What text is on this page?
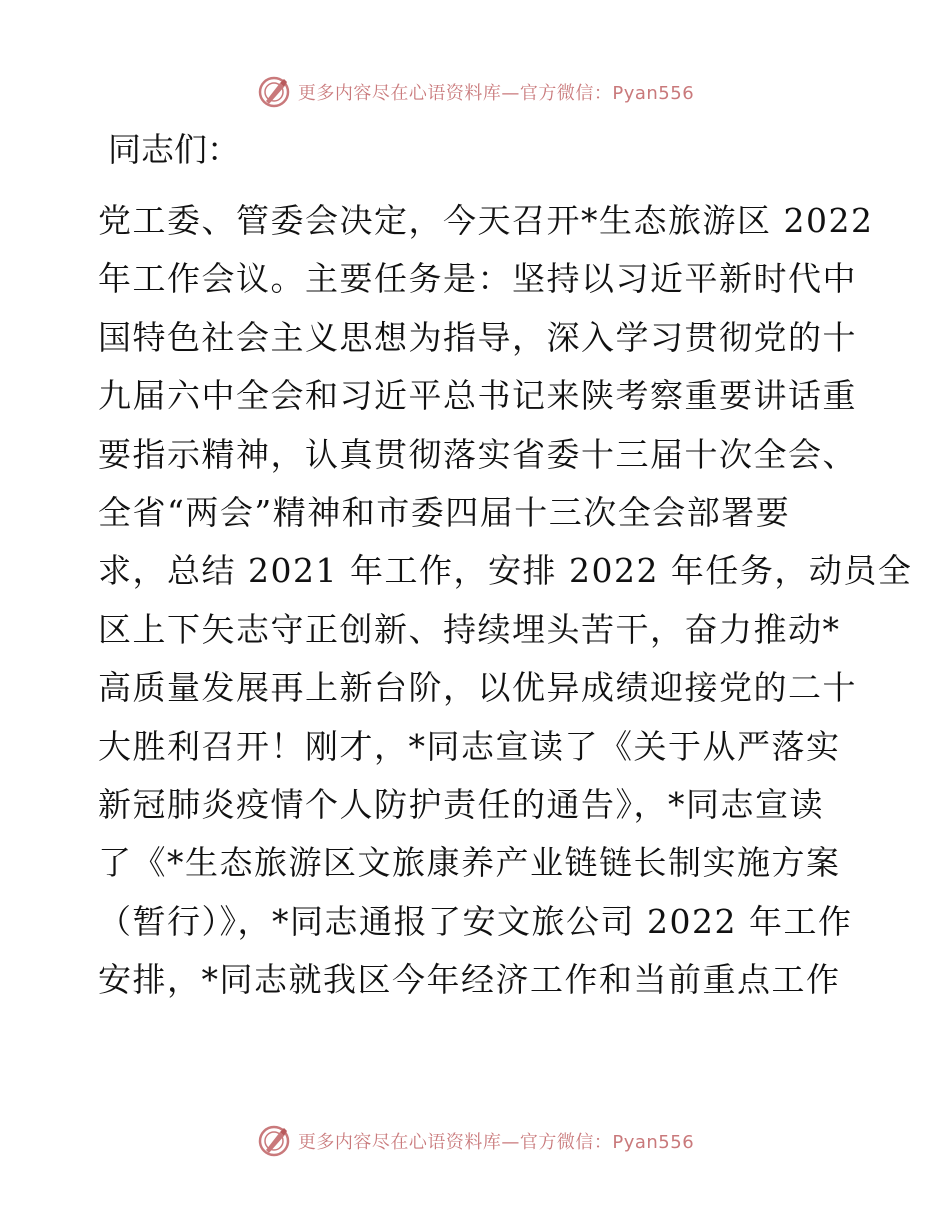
更多内容尽在心语资料库—官方微信：Pyan556
同志们：
党工委、管委会决定，今天召开*生态旅游区 2022
年工作会议。主要任务是：坚持以习近平新时代中
国特色社会主义思想为指导，深入学习贯彻党的十
九届六中全会和习近平总书记来陕考察重要讲话重
要指示精神，认真贯彻落实省委十三届十次全会、
全省“两会”精神和市委四届十三次全会部署要
求，总结 2021 年工作，安排 2022 年任务，动员全
区上下矢志守正创新、持续埋头苦干，奋力推动*
高质量发展再上新台阶，以优异成绩迎接党的二十
大胜利召开！刚才，*同志宣读了《关于从严落实
新冠肺炎疫情个人防护责任的通告》，*同志宣读
了《*生态旅游区文旅康养产业链链长制实施方案
（暂行）》，*同志通报了安文旅公司 2022 年工作
安排，*同志就我区今年经济工作和当前重点工作
更多内容尽在心语资料库—官方微信：Pyan556
